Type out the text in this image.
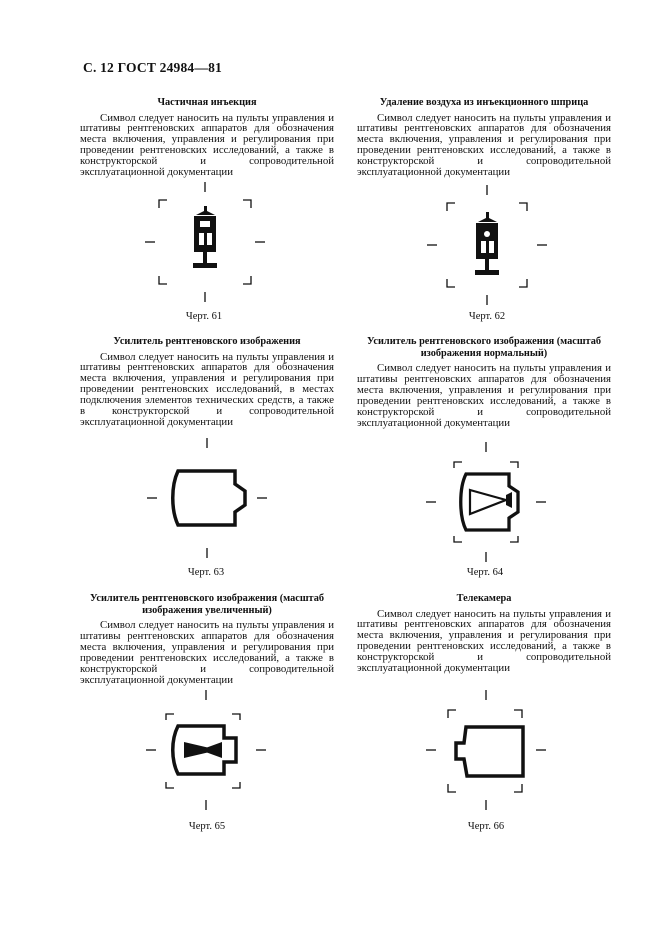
С. 12 ГОСТ 24984—81
Частичная инъекция

Символ следует наносить на пульты управления и штативы рентгеновских аппаратов для обозначения места включения, управления и регулирования при проведении рентгеновских исследований, а также в конструкторской и сопроводительной эксплуатационной документации

Черт. 61
Удаление воздуха из инъекционного шприца

Символ следует наносить на пульты управления и штативы рентгеновских аппаратов для обозначения места включения, управления и регулирования при проведении рентгеновских исследований, а также в конструкторской и сопроводительной эксплуатационной документации

Черт. 62
Усилитель рентгеновского изображения

Символ следует наносить на пульты управления и штативы рентгеновских аппаратов для обозначения места включения, управления и регулирования при проведении рентгеновских исследований, в местах подключения элементов технических средств, а также в конструкторской и сопроводительной эксплуатационной документации

Черт. 63
Усилитель рентгеновского изображения (масштаб изображения нормальный)

Символ следует наносить на пульты управления и штативы рентгеновских аппаратов для обозначения места включения, управления и регулирования при проведении рентгеновских исследований, а также в конструкторской и сопроводительной эксплуатационной документации

Черт. 64
Усилитель рентгеновского изображения (масштаб изображения увеличенный)

Символ следует наносить на пульты управления и штативы рентгеновских аппаратов для обозначения места включения, управления и регулирования при проведении рентгеновских исследований, а также в конструкторской и сопроводительной эксплуатационной документации

Черт. 65
Телекамера

Символ следует наносить на пульты управления и штативы рентгеновских аппаратов для обозначения места включения, управления и регулирования при проведении рентгеновских исследований, а также в конструкторской и сопроводительной эксплуатационной документации

Черт. 66
